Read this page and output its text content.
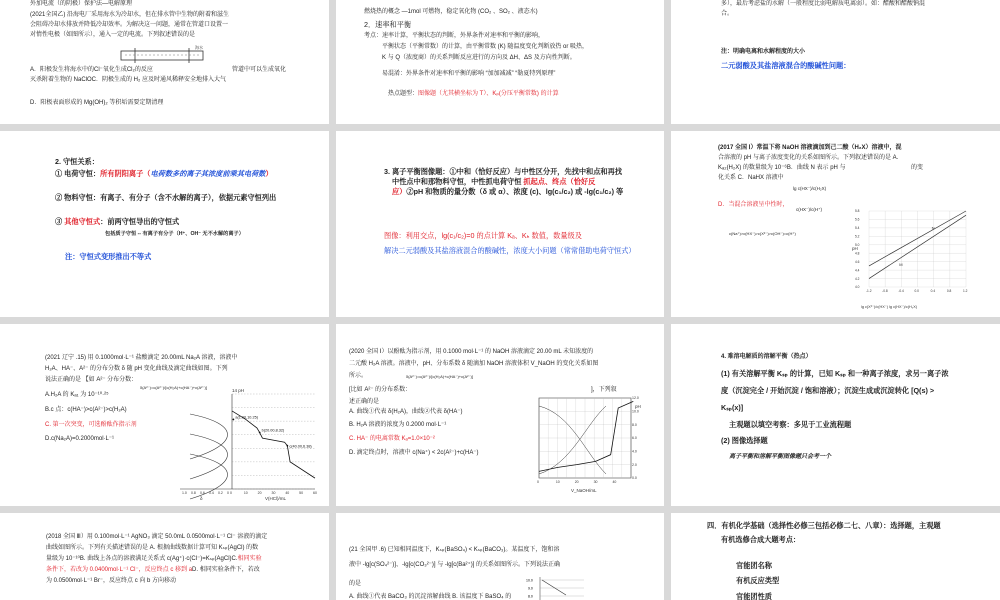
外加电流（的阴极）保护法—电解原理
(2021全国乙) 沿海电厂采用海水为冷却水，但在排水管中生物的附着和滋生
会阻碍冷却水排放并降低冷却效率。为解决这一问题，通常在管道口设置一
对惰性电极（如图所示），通入一定的电流。下列叙述错误的是
海水
A．阳极发生将海水中的Cl⁻氧化生成Cl₂的反应	管道中可以生成氧化
灭杀附着生物的 NaClOC．阴极生成的 H₂ 应及时通风稀释安全地排入大气
D．阳极表面形成的 Mg(OH)₂ 等积垢需要定期清理
燃烧热的概念 —1mol 可燃物，稳定氧化物 (CO₂ 、SO₂ 、液态水)
2．速率和平衡
考点：速率计算，平衡状态的判断，外界条件对速率和平衡的影响，
平衡状态（平衡常数）的计算，由平衡常数 (K) 随温度变化判断放热 or 吸热，
K 与 Q（浓度商）的关系判断反应进行的方向及 ΔH、ΔS 及方向性判断。
易混淆：外界条件对速率和平衡的影响 “加加减减” “勒夏特列原理”
热点题型：图像题（尤其横坐标为 T）、Kₚ(分压平衡常数) 的计算
多），最后考虑盐的水解（一般程度比弱电解质电离弱）。如：醋酸和醋酸钠混
合。
注：明确电离和水解程度的大小
二元弱酸及其盐溶液混合的酸碱性问题：
2. 守恒关系：
① 电荷守恒：所有阴阳离子（电荷数多的离子其浓度前乘其电荷数）
② 物料守恒：有离子、有分子（含不水解的离子），依据元素守恒列出
③ 其他守恒式：前两守恒导出的守恒式
包括质子守恒 -- 有离子有分子（H⁺、OH⁻ 无不水解的离子）
注：守恒式变形推出不等式
3. 离子平衡图像题：①中和（恰好反应）与中性区分开，先找中和点和再找
中性点中和那物料守恒，中性抓电荷守恒 抓起点、终点（恰好反
应）②pH 和物质的量分数（δ 或 α）、浓度 (c)、lg(c₁/c₂) 或 -lg(c₁/c₂) 等
图像：利用交点，lg(c₁/c₂)=0 的点计算 Kₐ、Kₕ 数值，数量级及
解决二元弱酸及其盐溶液混合的酸碱性，浓度大小问题（常常借助电荷守恒式）
(2017 全国 Ⅰ）常温下将 NaOH 溶液滴加到己二酸（H₂X）溶液中，混
合溶液的 pH 与离子浓度变化的关系如图所示。下列叙述错误的是 A．
Kₐ₂(H₂X) 的数量级为 10⁻⁶B．曲线 N 表示 pH 与	的变
化关系 C．NaHX 溶液中
lg c(HX⁻)/c(H₂X)
D．当混合溶液呈中性时，
c(HX⁻)/c(H⁺)
c(Na⁺)>c(HX⁻)>c(X²⁻)>c(OH⁻)=c(H⁺)
M
N
4.0
4.2
4.4
4.6
4.8
5.0
5.2
5.4
5.6
5.8
-1.2	-0.8	-0.4	0.0	0.4	0.8	1.2
pH
lg c(X²⁻)/c(HX⁻) lg c(HX⁻)/c(H₂X)
(2021 辽宁 .15) 用 0.1000mol·L⁻¹ 盐酸滴定 20.00mL Na₂A 溶液，溶液中
H₂A、HA⁻、A²⁻ 的分布分数 δ 随 pH 变化曲线及滴定曲线如图。下列
说法正确的是 【如 A²⁻ 分布分数：
δ(A²⁻)=c(A²⁻)/[c(H₂A)+c(HA⁻)+c(A²⁻)]
A.H₂A 的 Kₐ₁ 为 10⁻¹⁰·²⁵
B.c 点：c(HA⁻)>c(A²⁻)>c(H₂A)
C. 第一次突变，可选酚酞作指示剂
D.c(Na₂A)=0.2000mol·L⁻¹
0	10	20	30	40	50	60
1.0 0.8 0.6 0.4 0.2 0
a(1.00,10.25)
b(20.00,8.32)
c(40.00,6.38)
14 pH
V(HCl)/mL
δ
(2020 全国 Ⅰ）以酚酞为指示剂，用 0.1000 mol·L⁻¹ 的 NaOH 溶液滴定 20.00 mL 未知浓度的
二元酸 H₂A 溶液。溶液中，pH、分布系数 δ 随滴加 NaOH 溶液体积 V_NaOH 的变化关系如图
所示。	δ(A²⁻)=c(A²⁻)/[c(H₂A)+c(HA⁻)+c(A²⁻)]
[比如 A²⁻ 的分布系数：	]，下列叙
述正确的是
A. 曲线①代表 δ(H₂A)，曲线②代表 δ(HA⁻)
B. H₂A 溶液的浓度为 0.2000 mol·L⁻¹
C. HA⁻ 的电离常数 Kₐ=1.0×10⁻²
D. 滴定终点时，溶液中 c(Na⁺) < 2c(A²⁻)+c(HA⁻)
0.0
2.0
4.0
6.0
8.0
10.0
12.0
0	10	20	30	40
pH
V_NaOH/mL
4. 难溶电解质的溶解平衡（热点）
(1) 有关溶解平衡 Kₛₚ 的计算，已知 Kₛₚ 和一种离子浓度，求另一离子浓
度（沉淀完全 / 开始沉淀 / 饱和溶液）；沉淀生成或沉淀转化 [Q(s) >
Kₛₚ(x)]
主观题以填空考察：多见于工业流程题
(2) 图像选择题
离子平衡和溶解平衡图像题只会考一个
(2018 全国 Ⅲ）用 0.100mol·L⁻¹ AgNO₃ 滴定 50.0mL 0.0500mol·L⁻¹ Cl⁻ 溶液的滴定
曲线如图所示。下列有关描述错误的是 A. 根据曲线数据计算可知 Kₛₚ(AgCl) 的数
量级为 10⁻¹⁰B. 曲线上各点的溶液满足关系式 c(Ag⁺)·c(Cl⁻)=Kₛₚ(AgCl)C.相同实验
条件下，若改为 0.0400mol·L⁻¹ Cl⁻，反应终点 c 移到 aD. 相同实验条件下，若改
为 0.0500mol·L⁻¹ Br⁻，反应终点 c 向 b 方向移动
(21 全国甲 .6) 已知相同温度下，Kₛₚ(BaSO₄) < Kₛₚ(BaCO₃)。某温度下，饱和溶
液中 -lg[c(SO₄²⁻)]、-lg[c(CO₃²⁻)] 与 -lg[c(Ba²⁺)] 的关系如图所示。下列说法正确
的是
A. 曲线①代表 BaCO₃ 的沉淀溶解曲线 B. 该温度下 BaSO₄ 的
10.0
9.0
8.0
四．有机化学基础（选择性必修三包括必修二七、八章）：选择题，主观题
有机选修合成大题考点：
官能团名称
有机反应类型
官能团性质
